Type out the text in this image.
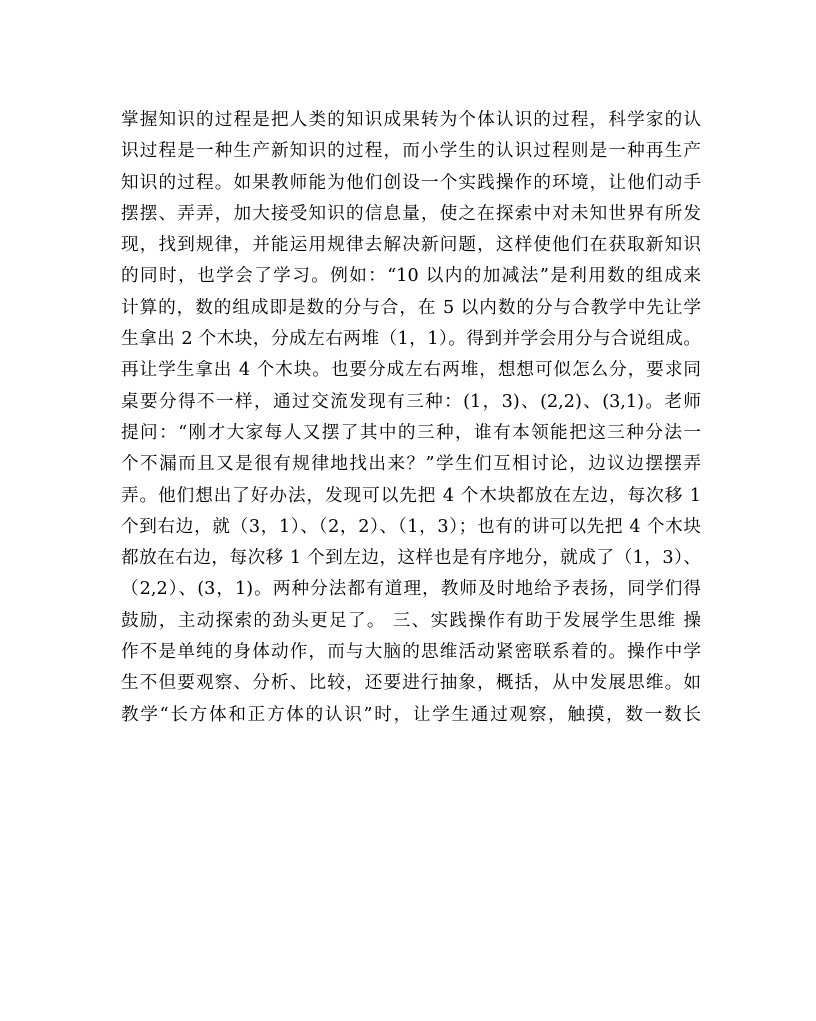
掌握知识的过程是把人类的知识成果转为个体认识的过程，科学家的认
识过程是一种生产新知识的过程，而小学生的认识过程则是一种再生产
知识的过程。如果教师能为他们创设一个实践操作的环境，让他们动手
摆摆、弄弄，加大接受知识的信息量，使之在探索中对未知世界有所发
现，找到规律，并能运用规律去解决新问题，这样使他们在获取新知识
的同时，也学会了学习。例如：“10 以内的加减法”是利用数的组成来
计算的，数的组成即是数的分与合，在 5 以内数的分与合教学中先让学
生拿出 2 个木块，分成左右两堆（1，1）。得到并学会用分与合说组成。
再让学生拿出 4 个木块。也要分成左右两堆，想想可似怎么分，要求同
桌要分得不一样，通过交流发现有三种：(1，3)、(2,2)、(3,1)。老师
提问：“刚才大家每人又摆了其中的三种，谁有本领能把这三种分法一
个不漏而且又是很有规律地找出来？”学生们互相讨论，边议边摆摆弄
弄。他们想出了好办法，发现可以先把 4 个木块都放在左边，每次移 1
个到右边，就（3，1）、（2，2）、（1，3）；也有的讲可以先把 4 个木块
都放在右边，每次移 1 个到左边，这样也是有序地分，就成了（1，3）、
（2,2）、(3，1)。两种分法都有道理，教师及时地给予表扬，同学们得
鼓励，主动探索的劲头更足了。 三、实践操作有助于发展学生思维 操
作不是单纯的身体动作，而与大脑的思维活动紧密联系着的。操作中学
生不但要观察、分析、比较，还要进行抽象，概括，从中发展思维。如
教学“长方体和正方体的认识”时，让学生通过观察，触摸，数一数长
